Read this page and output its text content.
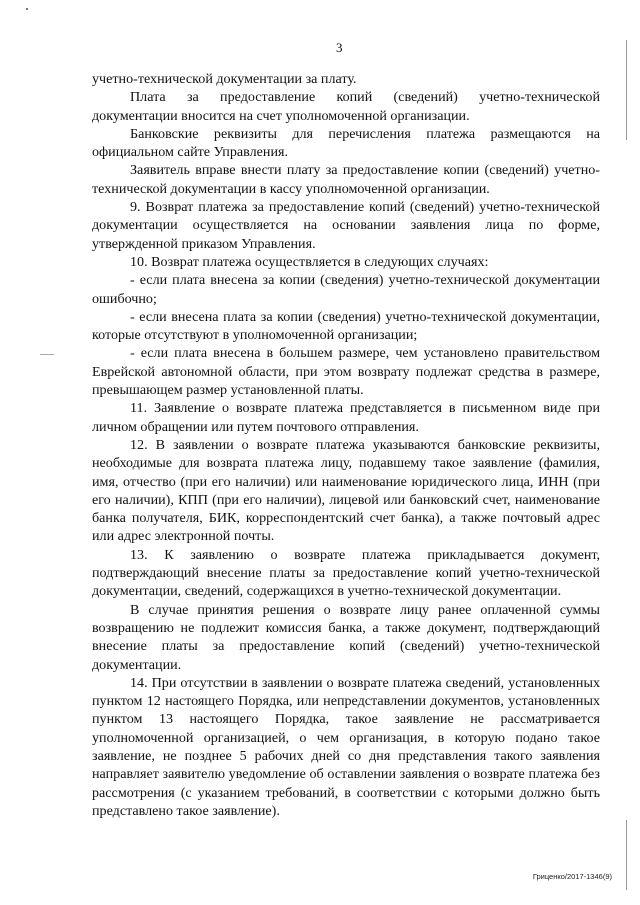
3

учетно-технической документации за плату.

Плата за предоставление копий (сведений) учетно-технической документации вносится на счет уполномоченной организации.

Банковские реквизиты для перечисления платежа размещаются на официальном сайте Управления.

Заявитель вправе внести плату за предоставление копии (сведений) учетно-технической документации в кассу уполномоченной организации.

9. Возврат платежа за предоставление копий (сведений) учетно-технической документации осуществляется на основании заявления лица по форме, утвержденной приказом Управления.

10. Возврат платежа осуществляется в следующих случаях:

- если плата внесена за копии (сведения) учетно-технической документации ошибочно;

- если внесена плата за копии (сведения) учетно-технической документации, которые отсутствуют в уполномоченной организации;

- если плата внесена в большем размере, чем установлено правительством Еврейской автономной области, при этом возврату подлежат средства в размере, превышающем размер установленной платы.

11. Заявление о возврате платежа представляется в письменном виде при личном обращении или путем почтового отправления.

12. В заявлении о возврате платежа указываются банковские реквизиты, необходимые для возврата платежа лицу, подавшему такое заявление (фамилия, имя, отчество (при его наличии) или наименование юридического лица, ИНН (при его наличии), КПП (при его наличии), лицевой или банковский счет, наименование банка получателя, БИК, корреспондентский счет банка), а также почтовый адрес или адрес электронной почты.

13. К заявлению о возврате платежа прикладывается документ, подтверждающий внесение платы за предоставление копий учетно-технической документации, сведений, содержащихся в учетно-технической документации.

В случае принятия решения о возврате лицу ранее оплаченной суммы возвращению не подлежит комиссия банка, а также документ, подтверждающий внесение платы за предоставление копий (сведений) учетно-технической документации.

14. При отсутствии в заявлении о возврате платежа сведений, установленных пунктом 12 настоящего Порядка, или непредставлении документов, установленных пунктом 13 настоящего Порядка, такое заявление не рассматривается уполномоченной организацией, о чем организация, в которую подано такое заявление, не позднее 5 рабочих дней со дня представления такого заявления направляет заявителю уведомление об оставлении заявления о возврате платежа без рассмотрения (с указанием требований, в соответствии с которыми должно быть представлено такое заявление).

Гриценко/2017-1346(9)
